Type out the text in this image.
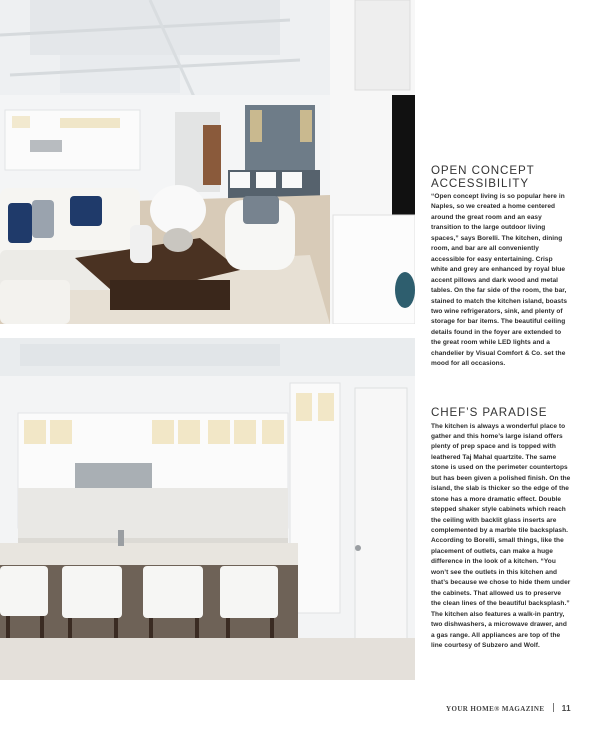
OPEN CONCEPT ACCESSIBILITY

“Open concept living is so popular here in Naples, so we created a home centered around the great room and an easy transition to the large outdoor living spaces,” says Borelli. The kitchen, dining room, and bar are all conveniently accessible for easy entertaining. Crisp white and grey are enhanced by royal blue accent pillows and dark wood and metal tables. On the far side of the room, the bar, stained to match the kitchen island, boasts two wine refrigerators, sink, and plenty of storage for bar items. The beautiful ceiling details found in the foyer are extended to the great room while LED lights and a chandelier by Visual Comfort & Co. set the mood for all occasions.

CHEF’S PARADISE

The kitchen is always a wonderful place to gather and this home’s large island offers plenty of prep space and is topped with leathered Taj Mahal quartzite. The same stone is used on the perimeter countertops but has been given a polished finish. On the island, the slab is thicker so the edge of the stone has a more dramatic effect. Double stepped shaker style cabinets which reach the ceiling with backlit glass inserts are complemented by a marble tile backsplash. According to Borelli, small things, like the placement of outlets, can make a huge difference in the look of a kitchen. “You won’t see the outlets in this kitchen and that’s because we chose to hide them under the cabinets. That allowed us to preserve the clean lines of the beautiful backsplash.” The kitchen also features a walk-in pantry, two dishwashers, a microwave drawer, and a gas range. All appliances are top of the line courtesy of Subzero and Wolf.

YOUR HOME® MAGAZINE 11
